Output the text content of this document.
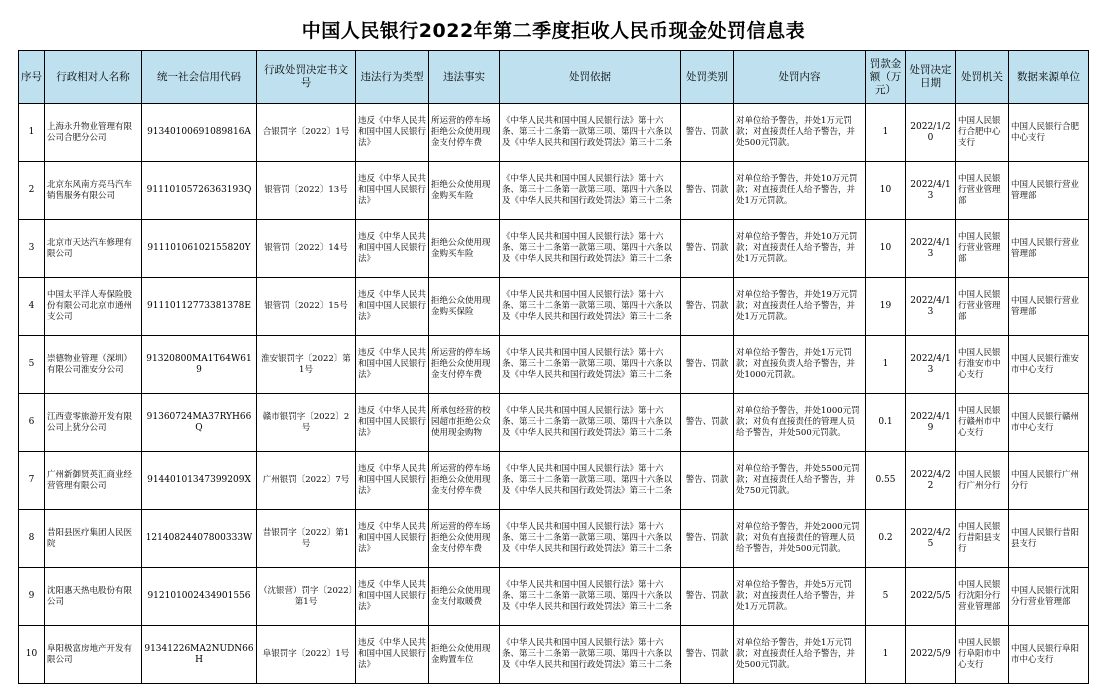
中国人民银行2022年第二季度拒收人民币现金处罚信息表
序号	行政相对人名称	统一社会信用代码	行政处罚决定书文号	违法行为类型	违法事实	处罚依据	处罚类别	处罚内容	罚款金额（万元）	处罚决定日期	处罚机关	数据来源单位
1	上海永升物业管理有限公司合肥分公司	91340100691089816A	合银罚字〔2022〕1号	违反《中华人民共和国中国人民银行法》	所运营的停车场拒绝公众使用现金支付停车费	《中华人民共和国中国人民银行法》第十六条、第三十二条第一款第三项、第四十六条以及《中华人民共和国行政处罚法》第三十二条	警告、罚款	对单位给予警告，并处1万元罚款；对直接责任人给予警告，并处500元罚款。	1	2022/1/20	中国人民银行合肥中心支行	中国人民银行合肥中心支行
2	北京东风南方亮马汽车销售服务有限公司	91110105726363193Q	银管罚〔2022〕13号	违反《中华人民共和国中国人民银行法》	拒绝公众使用现金购买车险	《中华人民共和国中国人民银行法》第十六条、第三十二条第一款第三项、第四十六条以及《中华人民共和国行政处罚法》第三十二条	警告、罚款	对单位给予警告，并处10万元罚款；对直接责任人给予警告，并处1万元罚款。	10	2022/4/13	中国人民银行营业管理部	中国人民银行营业管理部
3	北京市天达汽车修理有限公司	91110106102155820Y	银管罚〔2022〕14号	违反《中华人民共和国中国人民银行法》	拒绝公众使用现金购买车险	《中华人民共和国中国人民银行法》第十六条、第三十二条第一款第三项、第四十六条以及《中华人民共和国行政处罚法》第三十二条	警告、罚款	对单位给予警告，并处10万元罚款；对直接责任人给予警告，并处1万元罚款。	10	2022/4/13	中国人民银行营业管理部	中国人民银行营业管理部
4	中国太平洋人寿保险股份有限公司北京市通州支公司	91110112773381378E	银管罚〔2022〕15号	违反《中华人民共和国中国人民银行法》	拒绝公众使用现金购买保险	《中华人民共和国中国人民银行法》第十六条、第三十二条第一款第三项、第四十六条以及《中华人民共和国行政处罚法》第三十二条	警告、罚款	对单位给予警告，并处19万元罚款；对直接责任人给予警告，并处1万元罚款。	19	2022/4/13	中国人民银行营业管理部	中国人民银行营业管理部
5	崇德物业管理（深圳）有限公司淮安分公司	91320800MA1T64W619	淮安银罚字〔2022〕第1号	违反《中华人民共和国中国人民银行法》	所运营的停车场拒绝公众使用现金支付停车费	《中华人民共和国中国人民银行法》第十六条、第三十二条第一款第三项、第四十六条以及《中华人民共和国行政处罚法》第三十二条	警告、罚款	对单位给予警告，并处1万元罚款；对直接负责人给予警告，并处1000元罚款。	1	2022/4/13	中国人民银行淮安市中心支行	中国人民银行淮安市中心支行
6	江西壹零旅游开发有限公司上犹分公司	91360724MA37RYH66Q	赣市银罚字〔2022〕2号	违反《中华人民共和国中国人民银行法》	所承包经营的校园超市拒绝公众使用现金购物	《中华人民共和国中国人民银行法》第十六条、第三十二条第一款第三项、第四十六条以及《中华人民共和国行政处罚法》第三十二条	警告、罚款	对单位给予警告，并处1000元罚款；对负有直接责任的管理人员给予警告，并处500元罚款。	0.1	2022/4/19	中国人民银行赣州市中心支行	中国人民银行赣州市中心支行
7	广州新御贤英汇商业经营管理有限公司	91440101347399209X	广州银罚〔2022〕7号	违反《中华人民共和国中国人民银行法》	所运营的停车场拒绝公众使用现金支付停车费	《中华人民共和国中国人民银行法》第十六条、第三十二条第一款第三项、第四十六条以及《中华人民共和国行政处罚法》第三十二条	警告、罚款	对单位给予警告，并处5500元罚款；对直接责任人给予警告，并处750元罚款。	0.55	2022/4/22	中国人民银行广州分行	中国人民银行广州分行
8	昔阳县医疗集团人民医院	12140824407800333W	昔银罚字〔2022〕第1号	违反《中华人民共和国中国人民银行法》	所运营的停车场拒绝公众使用现金支付停车费	《中华人民共和国中国人民银行法》第十六条、第三十二条第一款第三项、第四十六条以及《中华人民共和国行政处罚法》第三十二条	警告、罚款	对单位给予警告，并处2000元罚款；对负有直接责任的管理人员给予警告，并处500元罚款。	0.2	2022/4/25	中国人民银行昔阳县支行	中国人民银行昔阳县支行
9	沈阳惠天热电股份有限公司	912101002434901556	（沈银营）罚字〔2022〕第1号	违反《中华人民共和国中国人民银行法》	拒绝公众使用现金支付取暖费	《中华人民共和国中国人民银行法》第十六条、第三十二条第一款第三项、第四十六条以及《中华人民共和国行政处罚法》第三十二条	警告、罚款	对单位给予警告，并处5万元罚款；对直接责任人给予警告，并处1万元罚款。	5	2022/5/5	中国人民银行沈阳分行营业管理部	中国人民银行沈阳分行营业管理部
10	阜阳极富房地产开发有限公司	91341226MA2NUDN66H	阜银罚字〔2022〕1号	违反《中华人民共和国中国人民银行法》	拒绝公众使用现金购置车位	《中华人民共和国中国人民银行法》第十六条、第三十二条第一款第三项、第四十六条以及《中华人民共和国行政处罚法》第三十二条	警告、罚款	对单位给予警告，并处1万元罚款；对直接责任人给予警告，并处500元罚款。	1	2022/5/9	中国人民银行阜阳市中心支行	中国人民银行阜阳市中心支行
